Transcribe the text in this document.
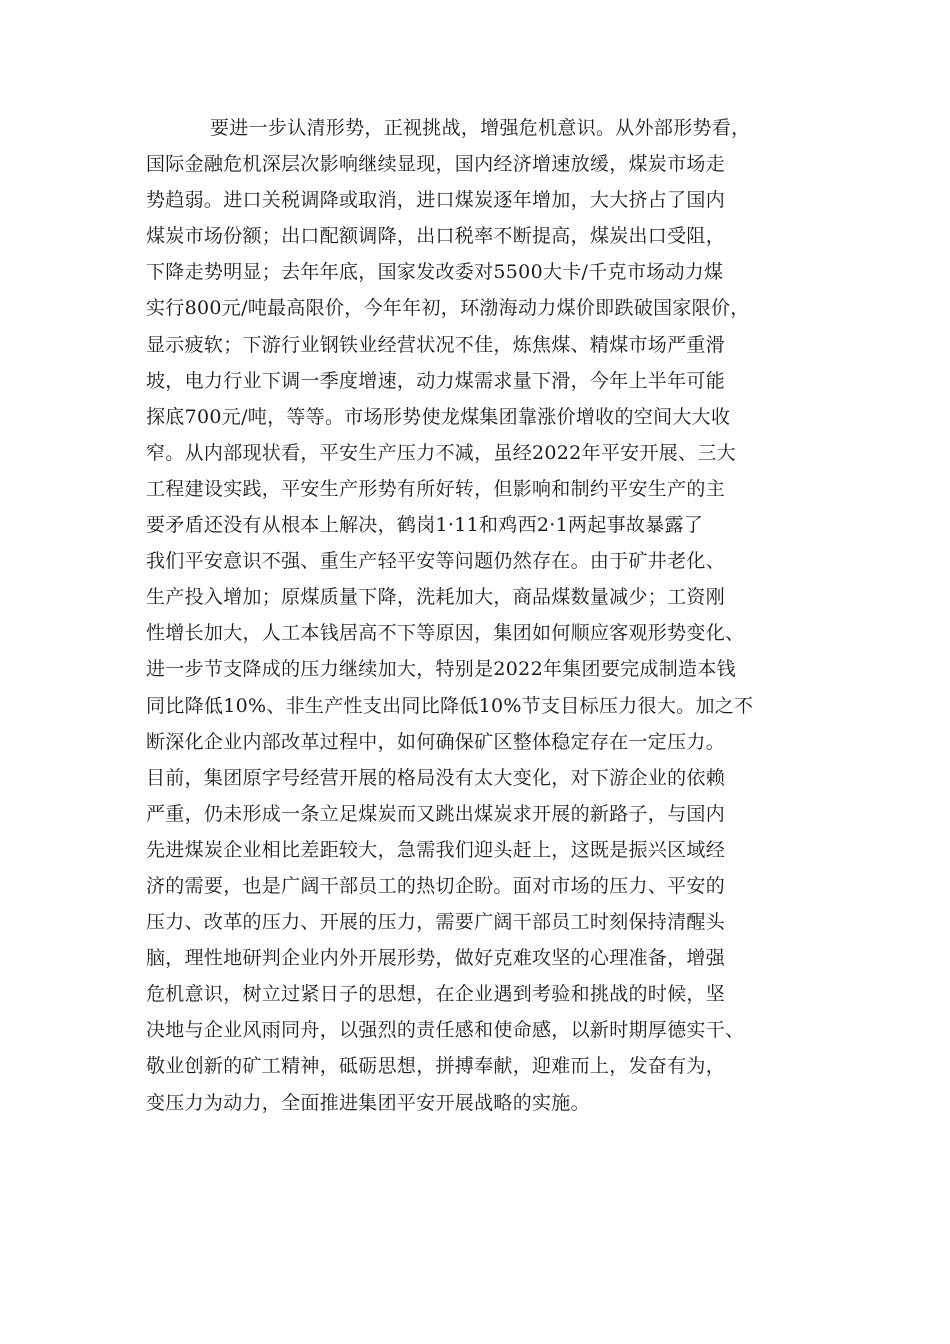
要进一步认清形势，正视挑战，增强危机意识。从外部形势看，
国际金融危机深层次影响继续显现，国内经济增速放缓，煤炭市场走
势趋弱。进口关税调降或取消，进口煤炭逐年增加，大大挤占了国内
煤炭市场份额；出口配额调降，出口税率不断提高，煤炭出口受阻，
下降走势明显；去年年底，国家发改委对5500大卡/千克市场动力煤
实行800元/吨最高限价，今年年初，环渤海动力煤价即跌破国家限价，
显示疲软；下游行业钢铁业经营状况不佳，炼焦煤、精煤市场严重滑
坡，电力行业下调一季度增速，动力煤需求量下滑，今年上半年可能
探底700元/吨，等等。市场形势使龙煤集团靠涨价增收的空间大大收
窄。从内部现状看，平安生产压力不减，虽经2022年平安开展、三大
工程建设实践，平安生产形势有所好转，但影响和制约平安生产的主
要矛盾还没有从根本上解决，鹤岗1·11和鸡西2·1两起事故暴露了
我们平安意识不强、重生产轻平安等问题仍然存在。由于矿井老化、
生产投入增加；原煤质量下降，洗耗加大，商品煤数量减少；工资刚
性增长加大，人工本钱居高不下等原因，集团如何顺应客观形势变化、
进一步节支降成的压力继续加大，特别是2022年集团要完成制造本钱
同比降低10%、非生产性支出同比降低10%节支目标压力很大。加之不
断深化企业内部改革过程中，如何确保矿区整体稳定存在一定压力。
目前，集团原字号经营开展的格局没有太大变化，对下游企业的依赖
严重，仍未形成一条立足煤炭而又跳出煤炭求开展的新路子，与国内
先进煤炭企业相比差距较大，急需我们迎头赶上，这既是振兴区域经
济的需要，也是广阔干部员工的热切企盼。面对市场的压力、平安的
压力、改革的压力、开展的压力，需要广阔干部员工时刻保持清醒头
脑，理性地研判企业内外开展形势，做好克难攻坚的心理准备，增强
危机意识，树立过紧日子的思想，在企业遇到考验和挑战的时候，坚
决地与企业风雨同舟，以强烈的责任感和使命感，以新时期厚德实干、
敬业创新的矿工精神，砥砺思想，拼搏奉献，迎难而上，发奋有为，
变压力为动力，全面推进集团平安开展战略的实施。
